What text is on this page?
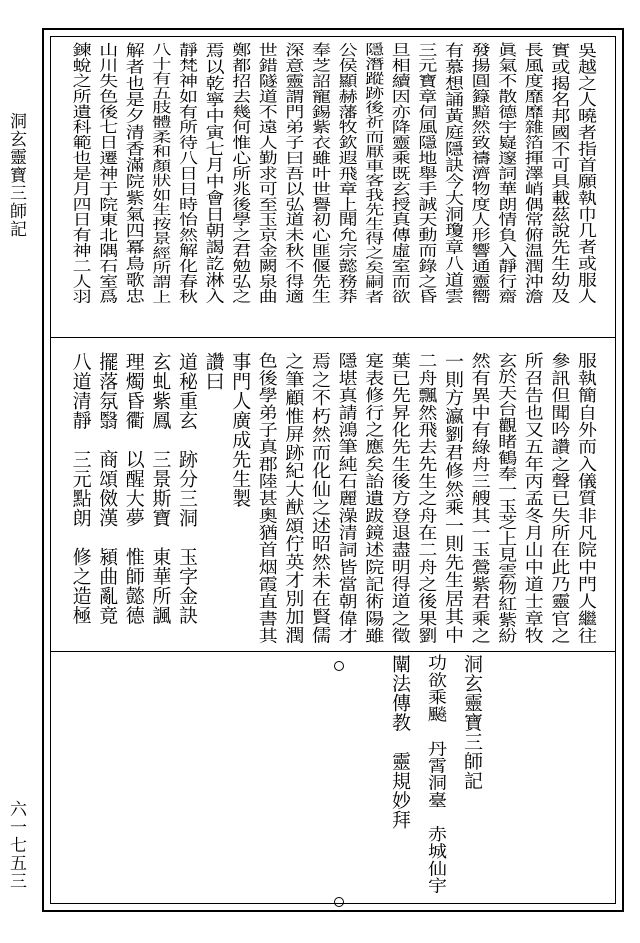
洞玄靈寶三師記
六一七五三
吳越之人曉者指首願執巾几者或服人
實或揭名邦國不可具載茲說先生幼及
長風度靡靡雜箔揮澤峭偶常俯温潤沖澹
眞氣不散德宇嶷邃詞華朗情負入靜行齋
發揚圓籙黯然致禱濟物度人形響通靈嚮
有慕想誦黃庭隱訣今大洞瓊章八道雲
三元寶章伺風隱地舉手誠天動而錄之昏
旦相續因亦降靈乘既玄授真傳虛室而欲
隱潛蹤跡後祈而厭車客我先生得之矣嗣者
公侯顯赫藩牧欽遐飛章上聞允宗懿務莽
奉芝詔寵錫紫衣雖叶世譽初心匪偃先生
深意靈謂門弟子曰吾以弘道未秋不得適
世錯隧道不遠人勤求可至玉京金闕泉曲
鄭都招去幾何惟心所兆後學之君勉弘之
焉以乾寧中寅七月中會日朝謁訖淋入
靜梵神如有所待八日日時怡然解化春秋
八十有五肢體柔和顏狀如生按景經所謂上
解者也是夕清香滿院紫氣四冪鳥歌忠
山川失色後七日遷神于院東北隅石室爲
鍊蛻之所遺科範也是月四日有神二人羽
服執簡自外而入儀質非凡院中門人繼往
參訊但聞吟讚之聲已失所在此乃靈官之
所召告也又五年丙孟冬月山中道士章牧
玄於天台觀睹鶴奉一玉芝上見雲物紅紫紛
然有異中有綠舟三艘其一玉鶯紫君乘之
一則方瀛劉君修然乘一則先生居其中
二舟飄然飛去先生之舟在二舟之後果劉
葉已先昇化先生後方登退盡明得道之徵
寔表修行之應矣詒遺跋鏡述院記術陽雖
隱堪真請鴻筆純石麗澡清詞皆當朝偉才
焉之不朽然而化仙之述昭然未在賢儒
之筆顧惟屏跡紀大猷頌佇英才別加潤
色後學弟子真郡陸甚奧猶首烟霞直書其
事門人廣成先生製
讚曰
道秘重玄　跡分三洞　玉字金訣
玄虬紫鳳　三景斯寶　東華所諷
理燭昏衢　以醒大夢　惟師懿德
擺落氛翳　商頌傚漢　潁曲亂竟
八道清靜　三元點朗　修之造極
洞玄靈寶三師記
功欲乘飈　丹霄洞臺　赤城仙宇
闡法傳教　靈規妙拜
